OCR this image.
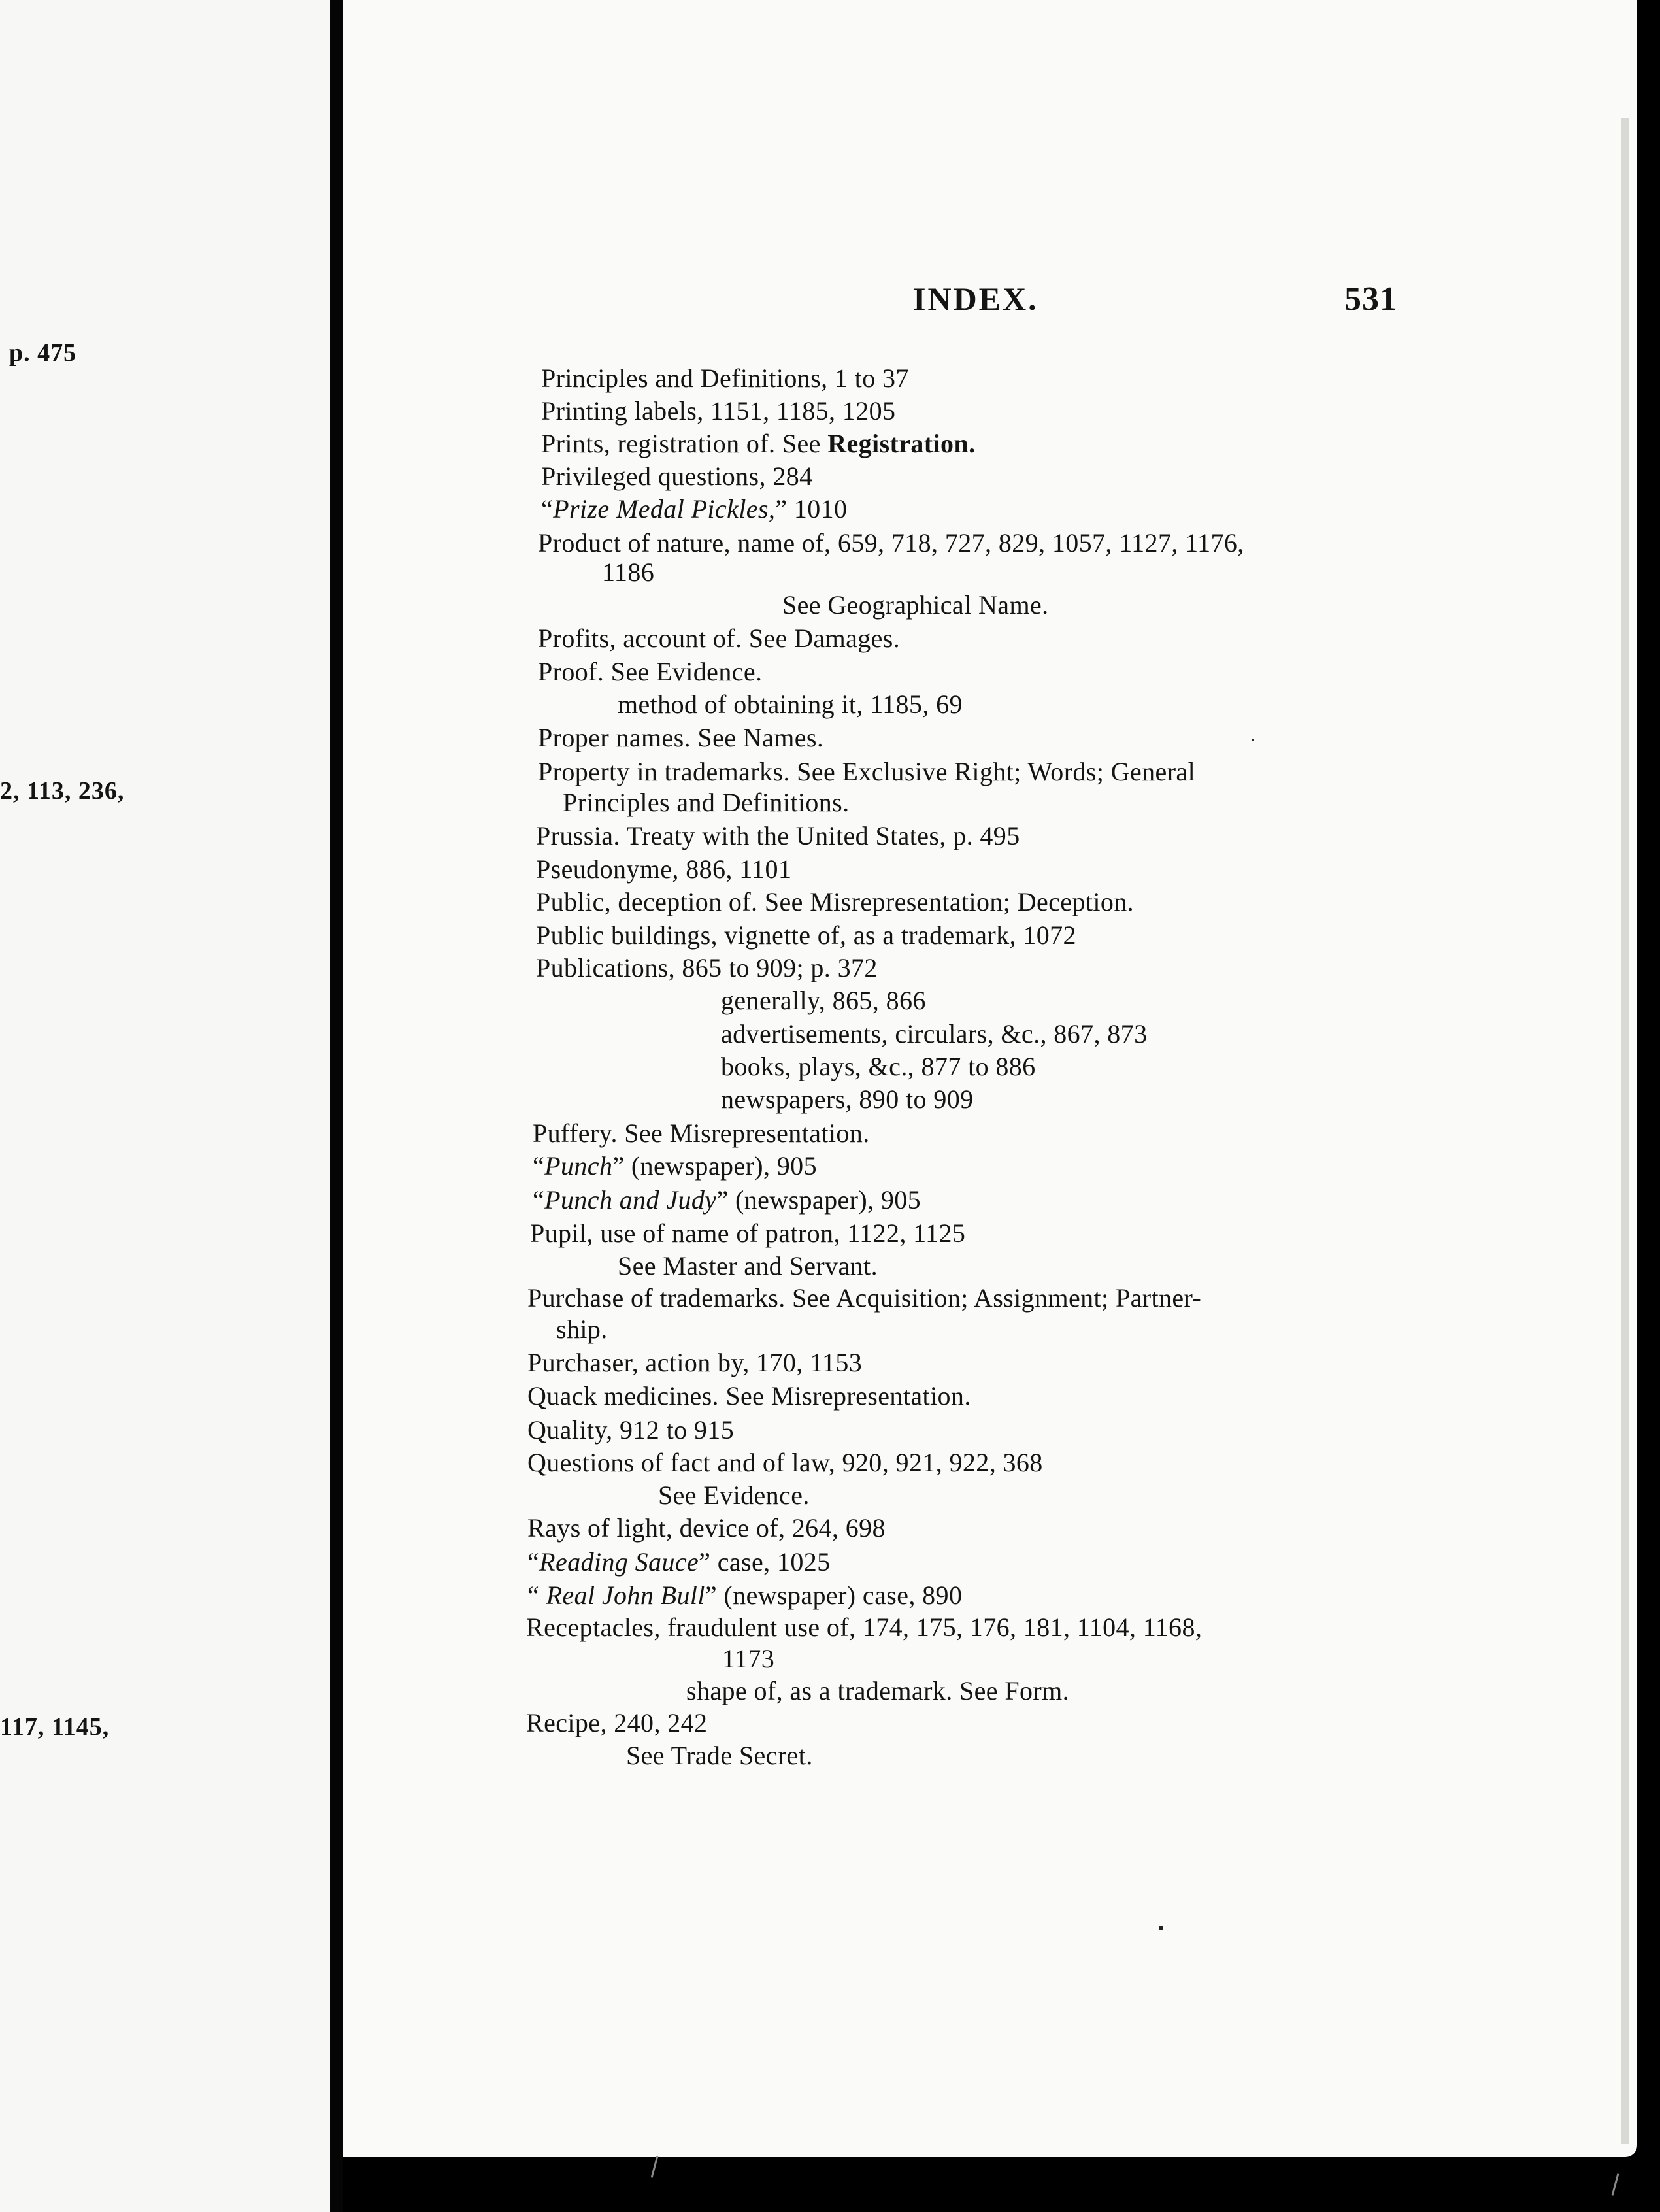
p. 475
2, 113, 236,
117, 1145,
INDEX.	531
Principles and Definitions, 1 to 37
Printing labels, 1151, 1185, 1205
Prints, registration of. See Registration.
Privileged questions, 284
“Prize Medal Pickles,” 1010
Product of nature, name of, 659, 718, 727, 829, 1057, 1127, 1176,
1186
See Geographical Name.
Profits, account of. See Damages.
Proof. See Evidence.
method of obtaining it, 1185, 69
Proper names. See Names.
Property in trademarks. See Exclusive Right; Words; General
Principles and Definitions.
Prussia. Treaty with the United States, p. 495
Pseudonyme, 886, 1101
Public, deception of. See Misrepresentation; Deception.
Public buildings, vignette of, as a trademark, 1072
Publications, 865 to 909; p. 372
generally, 865, 866
advertisements, circulars, &c., 867, 873
books, plays, &c., 877 to 886
newspapers, 890 to 909
Puffery. See Misrepresentation.
“Punch” (newspaper), 905
“Punch and Judy” (newspaper), 905
Pupil, use of name of patron, 1122, 1125
See Master and Servant.
Purchase of trademarks. See Acquisition; Assignment; Partner-
ship.
Purchaser, action by, 170, 1153
Quack medicines. See Misrepresentation.
Quality, 912 to 915
Questions of fact and of law, 920, 921, 922, 368
See Evidence.
Rays of light, device of, 264, 698
“Reading Sauce” case, 1025
“ Real John Bull” (newspaper) case, 890
Receptacles, fraudulent use of, 174, 175, 176, 181, 1104, 1168,
1173
shape of, as a trademark. See Form.
Recipe, 240, 242
See Trade Secret.
